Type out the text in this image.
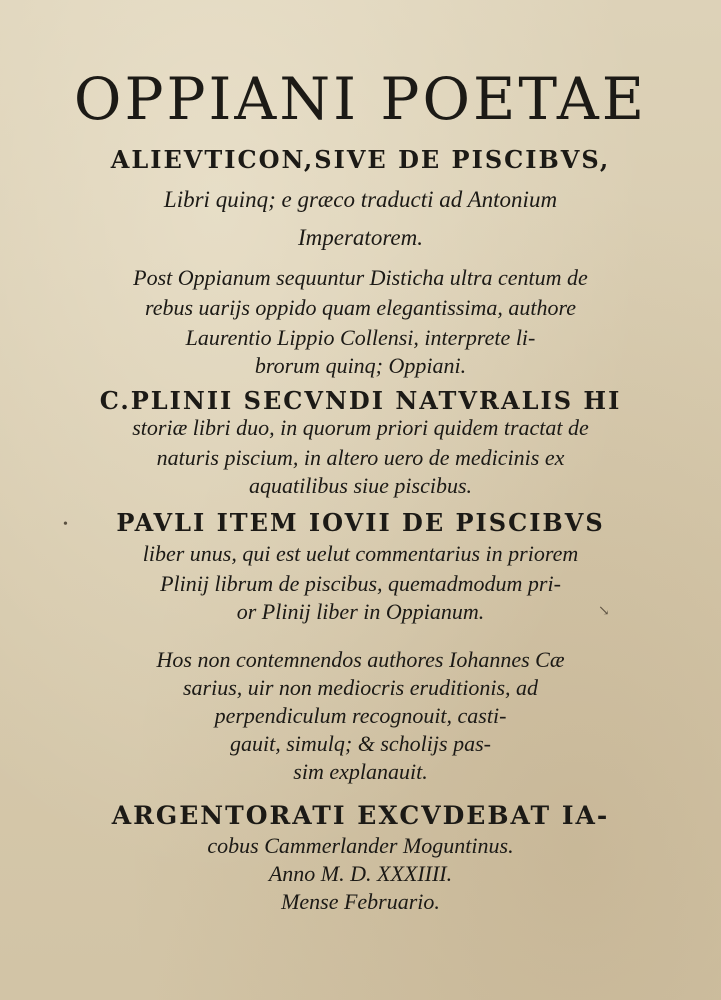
OPPIANI POETAE
ALIEVTICON,SIVE DE PISCIBVS,
Libri quinq; e græco traducti ad Antonium
Imperatorem.
Post Oppianum sequuntur Disticha ultra centum de
rebus uarijs oppido quam elegantissima, authore
Laurentio Lippio Collensi, interprete li-
brorum quinq; Oppiani.
C.PLINII SECVNDI NATVRALIS HI
storiæ libri duo, in quorum priori quidem tractat de
naturis piscium, in altero uero de medicinis ex
aquatilibus siue piscibus.
PAVLI ITEM IOVII DE PISCIBVS
liber unus, qui est uelut commentarius in priorem
Plinij librum de piscibus, quemadmodum pri-
or Plinij liber in Oppianum.
Hos non contemnendos authores Iohannes Cæ
sarius, uir non mediocris eruditionis, ad
perpendiculum recognouit, casti-
gauit, simulq; & scholijs pas-
sim explanauit.
ARGENTORATI EXCVDEBAT IA-
cobus Cammerlander Moguntinus.
Anno M. D. XXXIIII.
Mense Februario.
•
↘
